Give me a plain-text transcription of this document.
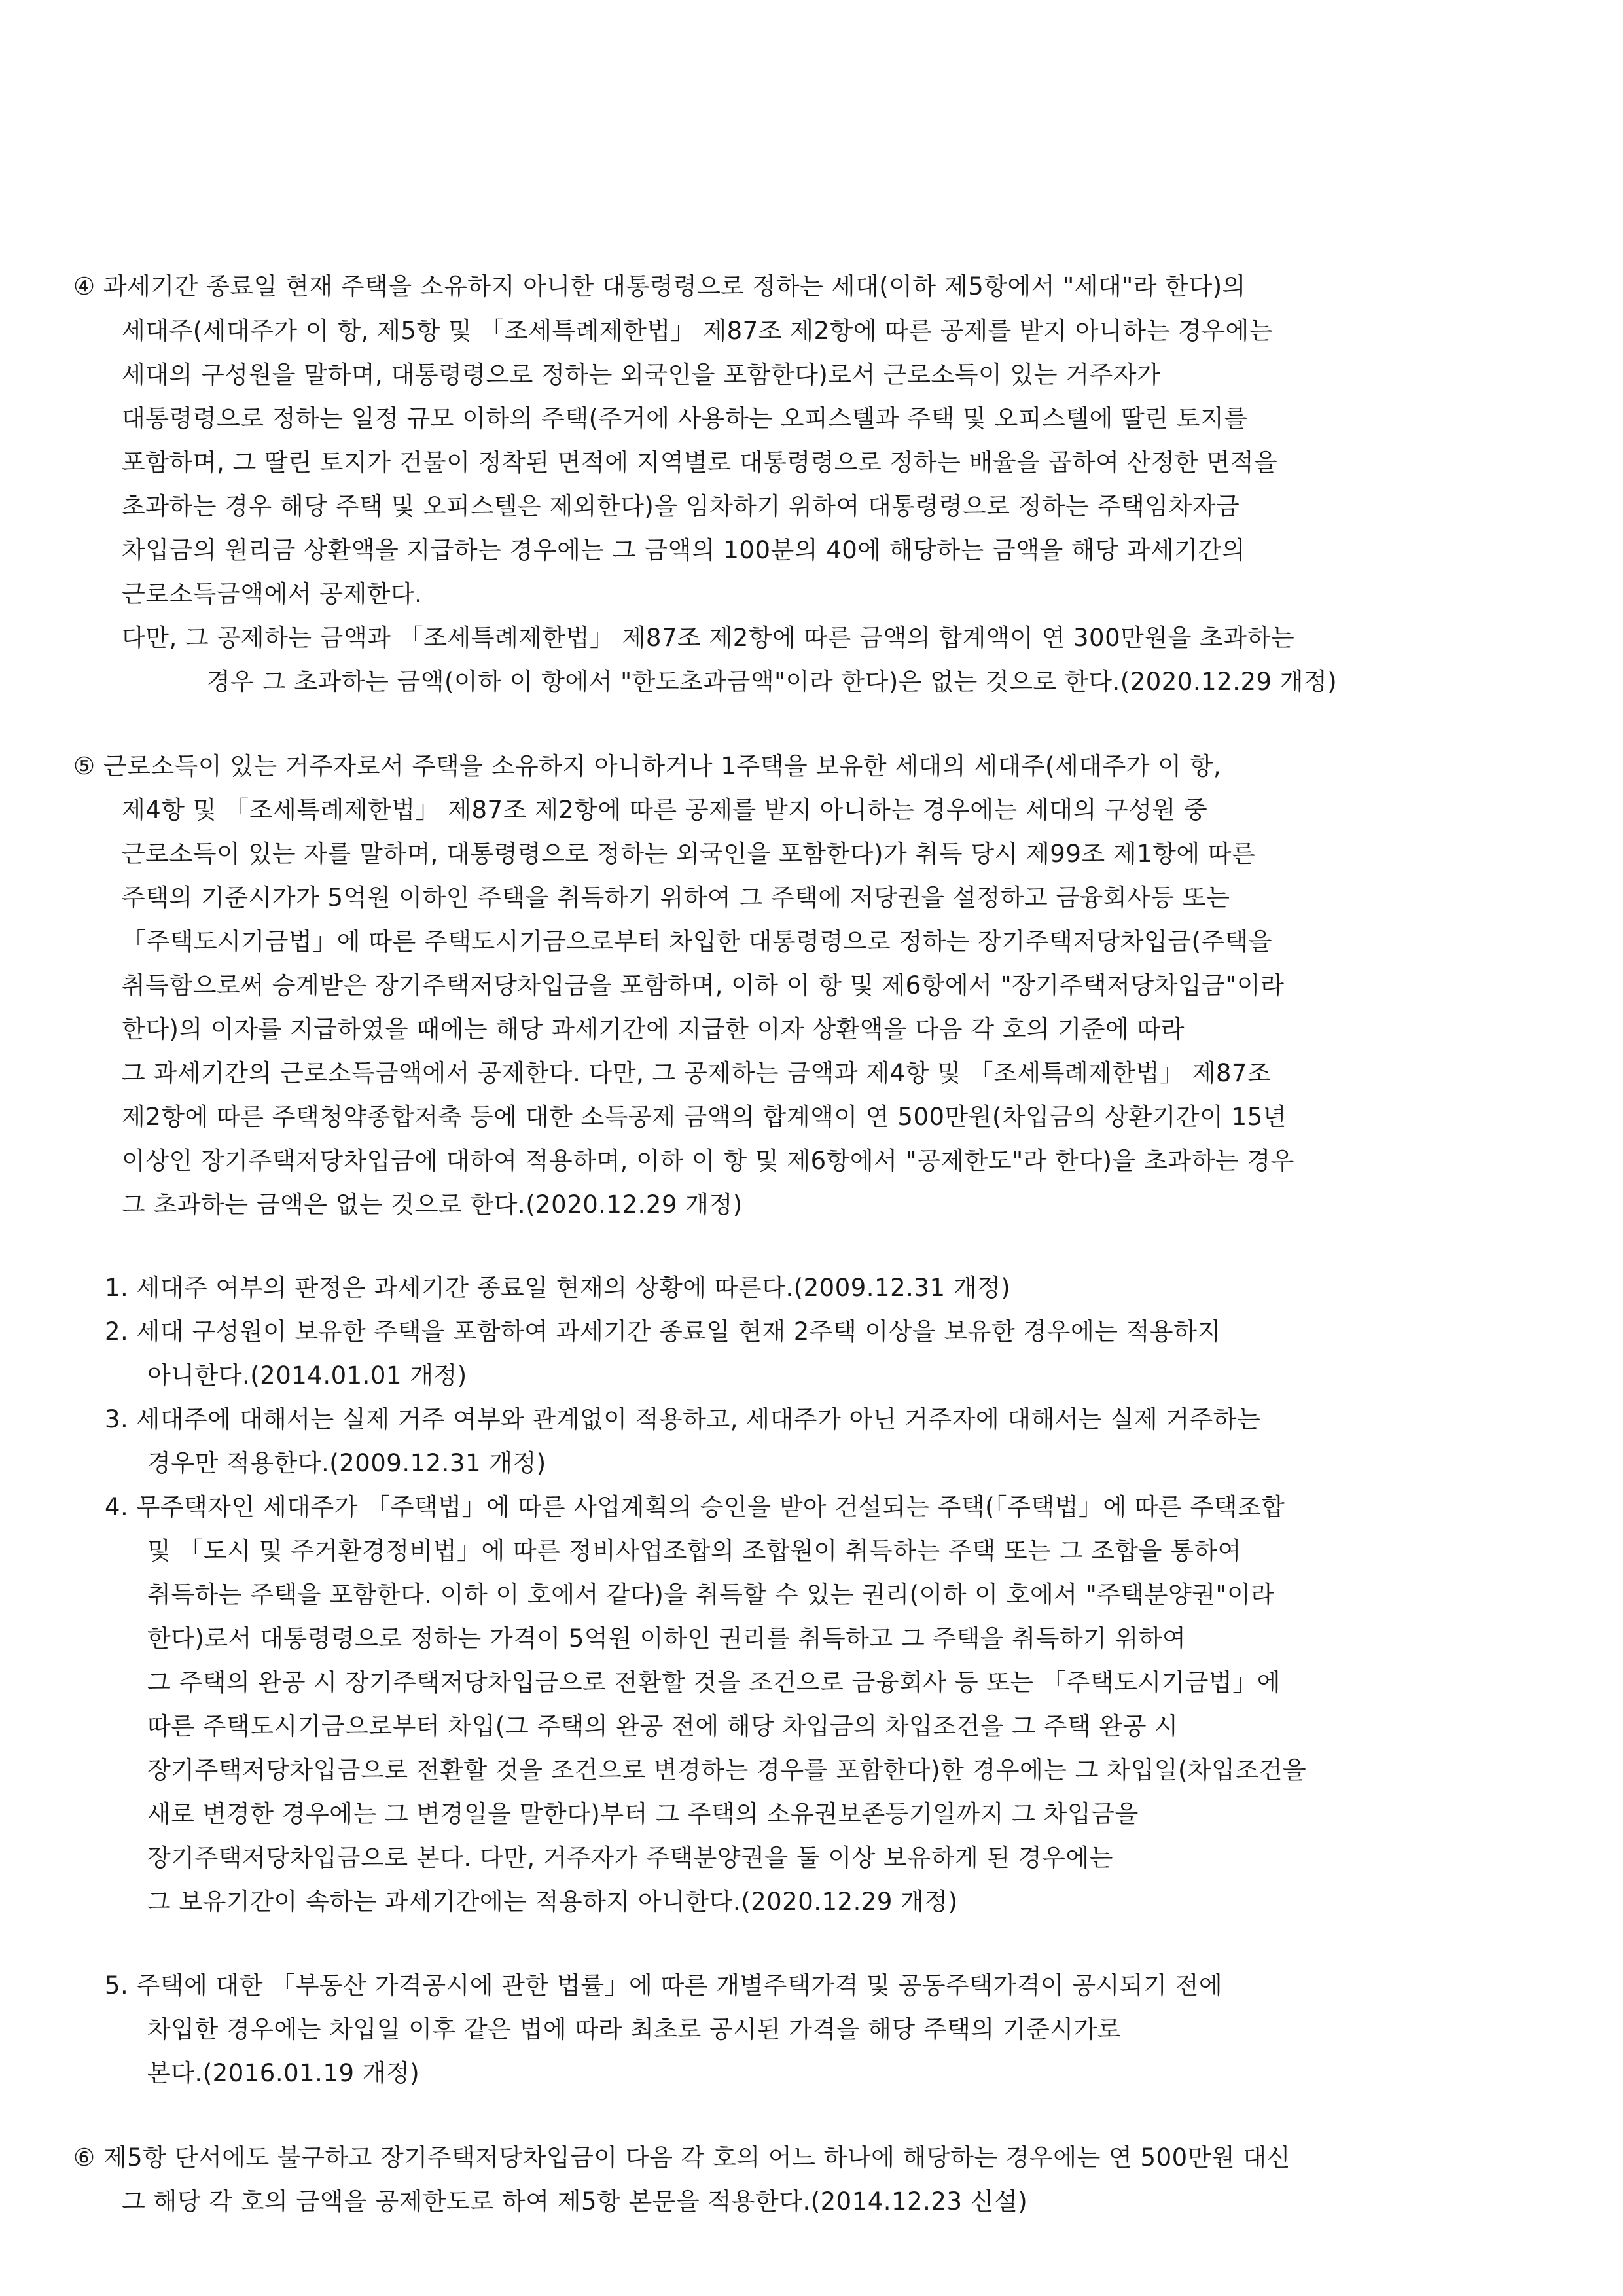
④ 과세기간 종료일 현재 주택을 소유하지 아니한 대통령령으로 정하는 세대(이하 제5항에서 "세대"라 한다)의
세대주(세대주가 이 항, 제5항 및 「조세특례제한법」 제87조 제2항에 따른 공제를 받지 아니하는 경우에는
세대의 구성원을 말하며, 대통령령으로 정하는 외국인을 포함한다)로서 근로소득이 있는 거주자가
대통령령으로 정하는 일정 규모 이하의 주택(주거에 사용하는 오피스텔과 주택 및 오피스텔에 딸린 토지를
포함하며, 그 딸린 토지가 건물이 정착된 면적에 지역별로 대통령령으로 정하는 배율을 곱하여 산정한 면적을
초과하는 경우 해당 주택 및 오피스텔은 제외한다)을 임차하기 위하여 대통령령으로 정하는 주택임차자금
차입금의 원리금 상환액을 지급하는 경우에는 그 금액의 100분의 40에 해당하는 금액을 해당 과세기간의
근로소득금액에서 공제한다.
다만, 그 공제하는 금액과 「조세특례제한법」 제87조 제2항에 따른 금액의 합계액이 연 300만원을 초과하는
경우 그 초과하는 금액(이하 이 항에서 "한도초과금액"이라 한다)은 없는 것으로 한다.(2020.12.29 개정)
⑤ 근로소득이 있는 거주자로서 주택을 소유하지 아니하거나 1주택을 보유한 세대의 세대주(세대주가 이 항,
제4항 및 「조세특례제한법」 제87조 제2항에 따른 공제를 받지 아니하는 경우에는 세대의 구성원 중
근로소득이 있는 자를 말하며, 대통령령으로 정하는 외국인을 포함한다)가 취득 당시 제99조 제1항에 따른
주택의 기준시가가 5억원 이하인 주택을 취득하기 위하여 그 주택에 저당권을 설정하고 금융회사등 또는
「주택도시기금법」에 따른 주택도시기금으로부터 차입한 대통령령으로 정하는 장기주택저당차입금(주택을
취득함으로써 승계받은 장기주택저당차입금을 포함하며, 이하 이 항 및 제6항에서 "장기주택저당차입금"이라
한다)의 이자를 지급하였을 때에는 해당 과세기간에 지급한 이자 상환액을 다음 각 호의 기준에 따라
그 과세기간의 근로소득금액에서 공제한다. 다만, 그 공제하는 금액과 제4항 및 「조세특례제한법」 제87조
제2항에 따른 주택청약종합저축 등에 대한 소득공제 금액의 합계액이 연 500만원(차입금의 상환기간이 15년
이상인 장기주택저당차입금에 대하여 적용하며, 이하 이 항 및 제6항에서 "공제한도"라 한다)을 초과하는 경우
그 초과하는 금액은 없는 것으로 한다.(2020.12.29 개정)
1. 세대주 여부의 판정은 과세기간 종료일 현재의 상황에 따른다.(2009.12.31 개정)
2. 세대 구성원이 보유한 주택을 포함하여 과세기간 종료일 현재 2주택 이상을 보유한 경우에는 적용하지
아니한다.(2014.01.01 개정)
3. 세대주에 대해서는 실제 거주 여부와 관계없이 적용하고, 세대주가 아닌 거주자에 대해서는 실제 거주하는
경우만 적용한다.(2009.12.31 개정)
4. 무주택자인 세대주가 「주택법」에 따른 사업계획의 승인을 받아 건설되는 주택(「주택법」에 따른 주택조합
및 「도시 및 주거환경정비법」에 따른 정비사업조합의 조합원이 취득하는 주택 또는 그 조합을 통하여
취득하는 주택을 포함한다. 이하 이 호에서 같다)을 취득할 수 있는 권리(이하 이 호에서 "주택분양권"이라
한다)로서 대통령령으로 정하는 가격이 5억원 이하인 권리를 취득하고 그 주택을 취득하기 위하여
그 주택의 완공 시 장기주택저당차입금으로 전환할 것을 조건으로 금융회사 등 또는 「주택도시기금법」에
따른 주택도시기금으로부터 차입(그 주택의 완공 전에 해당 차입금의 차입조건을 그 주택 완공 시
장기주택저당차입금으로 전환할 것을 조건으로 변경하는 경우를 포함한다)한 경우에는 그 차입일(차입조건을
새로 변경한 경우에는 그 변경일을 말한다)부터 그 주택의 소유권보존등기일까지 그 차입금을
장기주택저당차입금으로 본다. 다만, 거주자가 주택분양권을 둘 이상 보유하게 된 경우에는
그 보유기간이 속하는 과세기간에는 적용하지 아니한다.(2020.12.29 개정)
5. 주택에 대한 「부동산 가격공시에 관한 법률」에 따른 개별주택가격 및 공동주택가격이 공시되기 전에
차입한 경우에는 차입일 이후 같은 법에 따라 최초로 공시된 가격을 해당 주택의 기준시가로
본다.(2016.01.19 개정)
⑥ 제5항 단서에도 불구하고 장기주택저당차입금이 다음 각 호의 어느 하나에 해당하는 경우에는 연 500만원 대신
그 해당 각 호의 금액을 공제한도로 하여 제5항 본문을 적용한다.(2014.12.23 신설)
